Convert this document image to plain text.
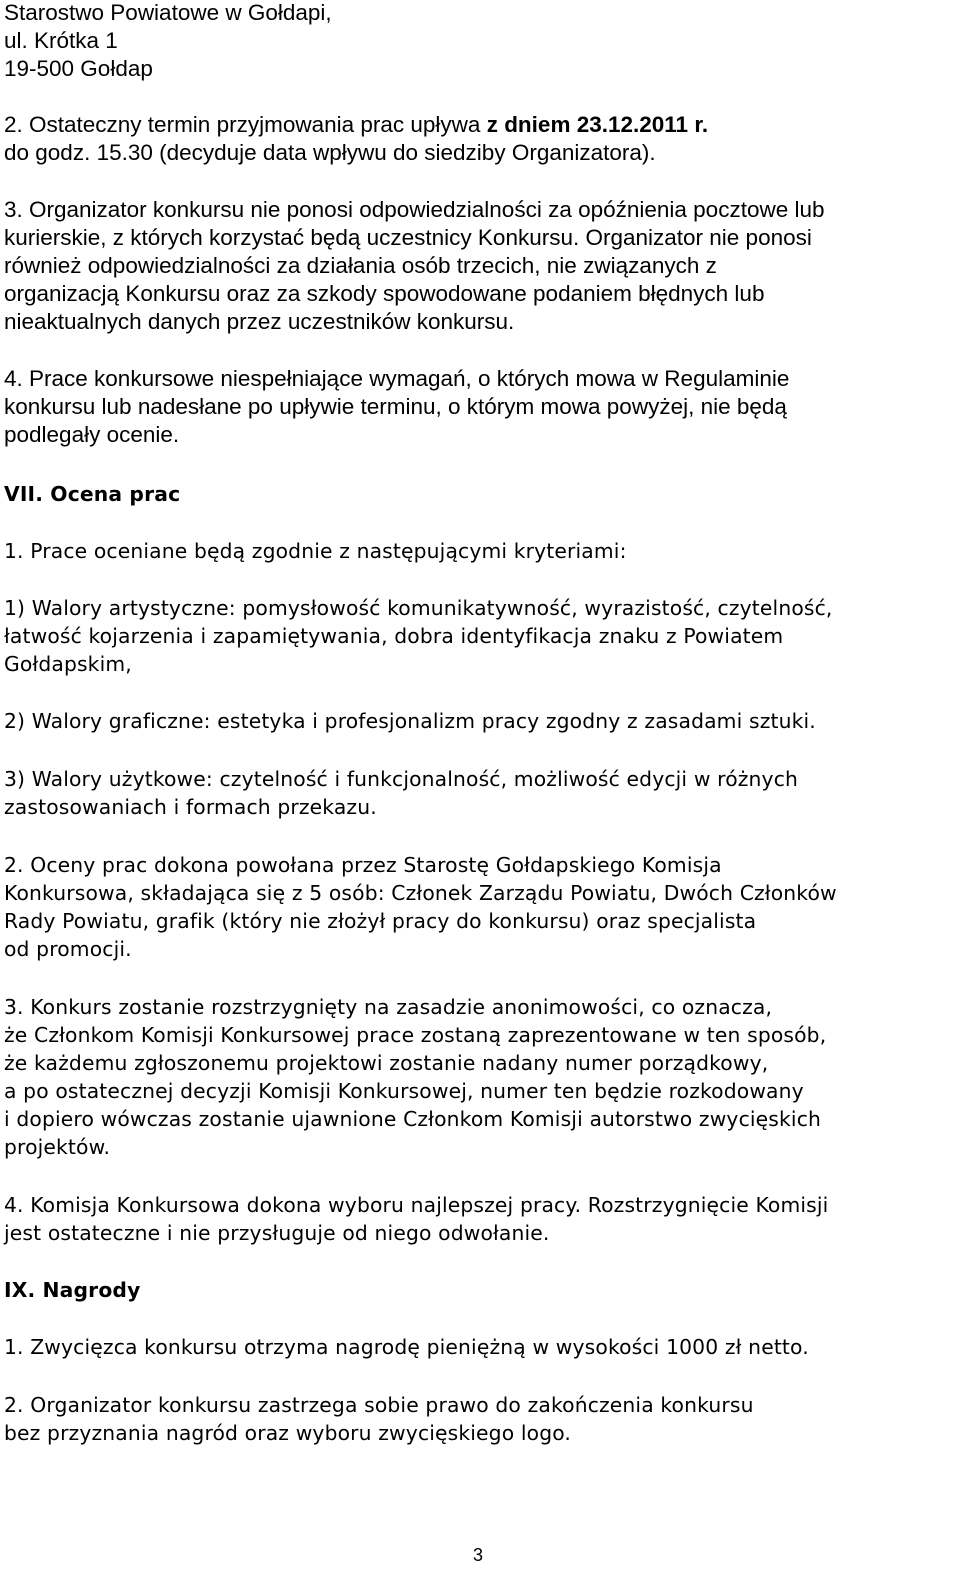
Starostwo Powiatowe w Gołdapi,
ul. Krótka 1
19-500 Gołdap
2. Ostateczny termin przyjmowania prac upływa z dniem 23.12.2011 r.
do godz. 15.30 (decyduje data wpływu do siedziby Organizatora).
3. Organizator konkursu nie ponosi odpowiedzialności za opóźnienia pocztowe lub
kurierskie, z których korzystać będą uczestnicy Konkursu. Organizator nie ponosi
również odpowiedzialności za działania osób trzecich, nie związanych z
organizacją Konkursu oraz za szkody spowodowane podaniem błędnych lub
nieaktualnych danych przez uczestników konkursu.
4. Prace konkursowe niespełniające wymagań, o których mowa w Regulaminie
konkursu lub nadesłane po upływie terminu, o którym mowa powyżej, nie będą
podlegały ocenie.
VII. Ocena prac
1. Prace oceniane będą zgodnie z następującymi kryteriami:
1) Walory artystyczne: pomysłowość komunikatywność, wyrazistość, czytelność,
łatwość kojarzenia i zapamiętywania, dobra identyfikacja znaku z Powiatem
Gołdapskim,
2) Walory graficzne: estetyka i profesjonalizm pracy zgodny z zasadami sztuki.
3) Walory użytkowe: czytelność i funkcjonalność, możliwość edycji w różnych
zastosowaniach i formach przekazu.
2. Oceny prac dokona powołana przez Starostę Gołdapskiego Komisja
Konkursowa, składająca się z 5 osób: Członek Zarządu Powiatu, Dwóch Członków
Rady Powiatu, grafik (który nie złożył pracy do konkursu) oraz specjalista
od promocji.
3. Konkurs zostanie rozstrzygnięty na zasadzie anonimowości, co oznacza,
że Członkom Komisji Konkursowej prace zostaną zaprezentowane w ten sposób,
że każdemu zgłoszonemu projektowi zostanie nadany numer porządkowy,
a po ostatecznej decyzji Komisji Konkursowej, numer ten będzie rozkodowany
i dopiero wówczas zostanie ujawnione Członkom Komisji autorstwo zwycięskich
projektów.
4. Komisja Konkursowa dokona wyboru najlepszej pracy. Rozstrzygnięcie Komisji
jest ostateczne i nie przysługuje od niego odwołanie.
IX. Nagrody
1. Zwycięzca konkursu otrzyma nagrodę pieniężną w wysokości 1000 zł netto.
2. Organizator konkursu zastrzega sobie prawo do zakończenia konkursu
bez przyznania nagród oraz wyboru zwycięskiego logo.
3
